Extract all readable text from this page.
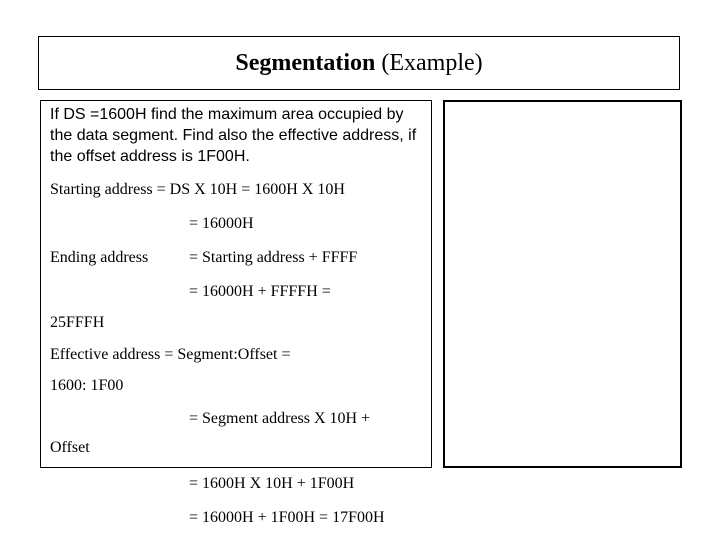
Segmentation (Example)
If DS =1600H find the maximum area occupied by the data segment. Find also the effective address, if the offset address is 1F00H.
Starting address = DS X 10H = 1600H X 10H
= 16000H
Ending address	= Starting address + FFFF
= 16000H + FFFFH =
25FFFH
Effective address = Segment:Offset =
1600: 1F00
= Segment address X 10H +
Offset
= 1600H X 10H + 1F00H
= 16000H + 1F00H = 17F00H
